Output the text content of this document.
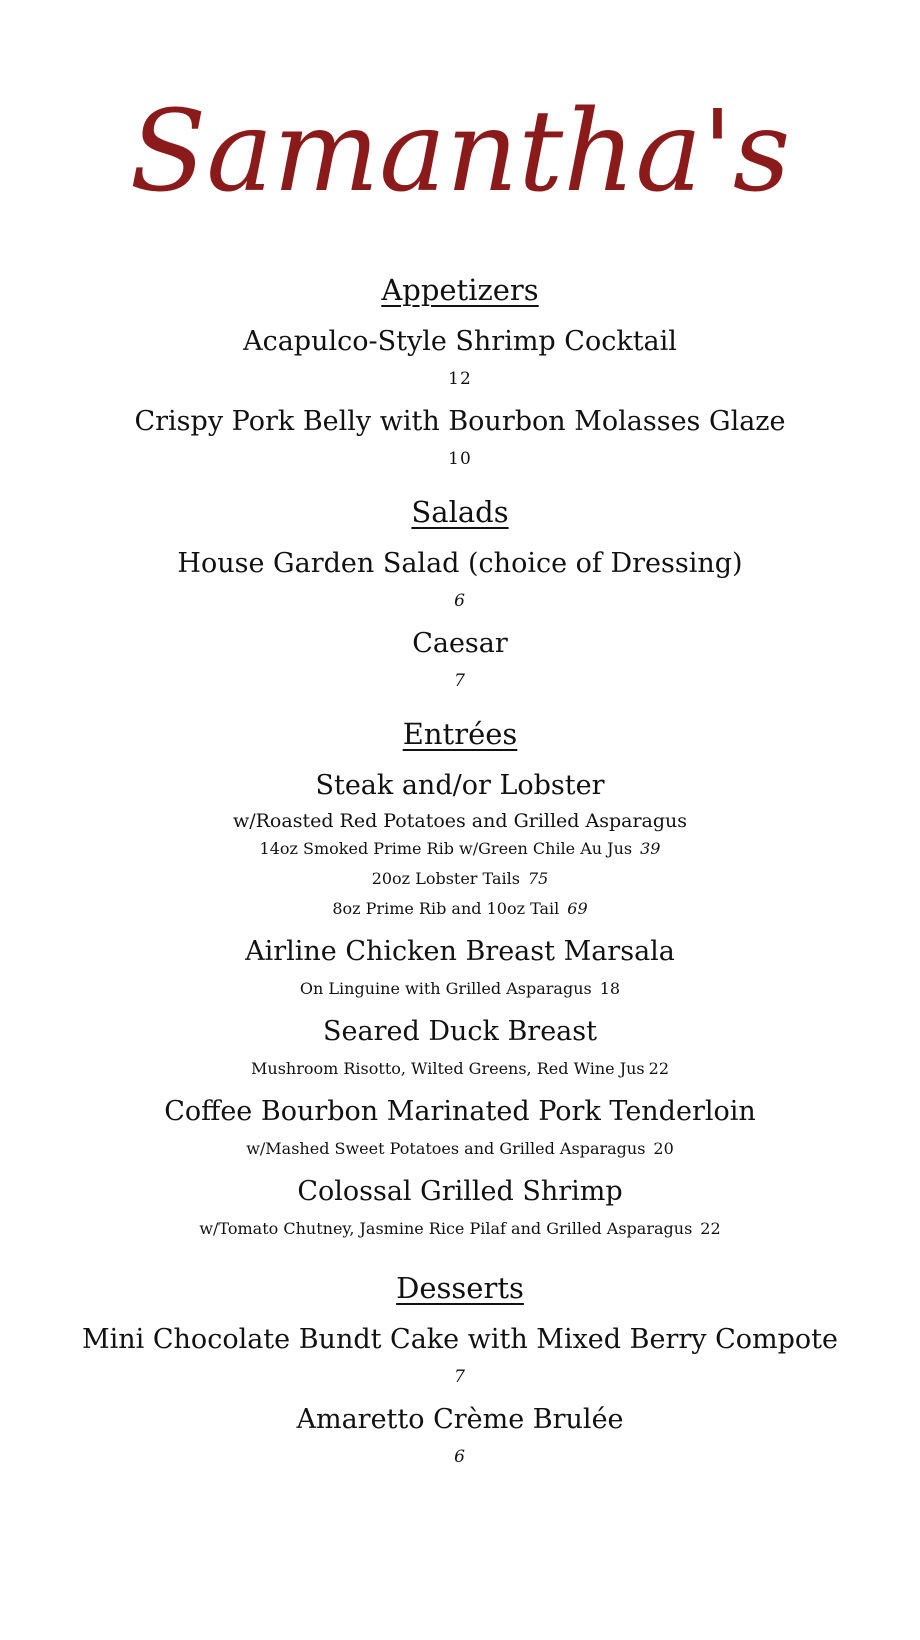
Samantha's
Appetizers

Acapulco-Style Shrimp Cocktail

12

Crispy Pork Belly with Bourbon Molasses Glaze

10

Salads

House Garden Salad (choice of Dressing)

6

Caesar

7

Entrées

Steak and/or Lobster

w/Roasted Red Potatoes and Grilled Asparagus

14oz Smoked Prime Rib w/Green Chile Au Jus 39

20oz Lobster Tails 75

8oz Prime Rib and 10oz Tail 69

Airline Chicken Breast Marsala

On Linguine with Grilled Asparagus 18

Seared Duck Breast

Mushroom Risotto, Wilted Greens, Red Wine Jus 22

Coffee Bourbon Marinated Pork Tenderloin

w/Mashed Sweet Potatoes and Grilled Asparagus 20

Colossal Grilled Shrimp

w/Tomato Chutney, Jasmine Rice Pilaf and Grilled Asparagus 22

Desserts

Mini Chocolate Bundt Cake with Mixed Berry Compote

7

Amaretto Crème Brulée

6
